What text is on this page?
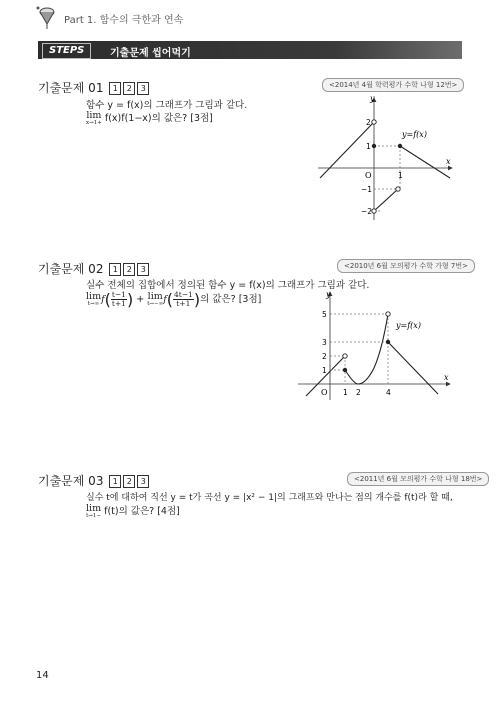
Part 1. 함수의 극한과 연속
STEPS	기출문제 씹어먹기
기출문제 01 1 2 3	<2014년 4월 학력평가 수학 나형 12번>
함수 y = f(x)의 그래프가 그림과 같다.
lim
x→1+ f(x)f(1−x)의 값은? [3점]
y=f(x)
x
y
O	1
2
1
−1
−2
기출문제 02 1 2 3	<2010년 6월 모의평가 수학 가형 7번>
실수 전체의 집합에서 정의된 함수 y = f(x)의 그래프가 그림과 같다.
lim
t→∞ $f( \frac{t-1}{t+1}$ ) + lim
t→−∞ $f( \frac{4t-1}{t+1}$ )의 값은? [3점]
y=f(x)
x
y
O 1 2	4
5
3
2
1
기출문제 03 1 2 3	<2011년 6월 모의평가 수학 나형 18번>
실수 t에 대하여 직선 y = t가 곡선 y = |x² − 1|의 그래프와 만나는 점의 개수를 f(t)라 할 때,
lim
t→1− f(t)의 값은? [4점]
14
